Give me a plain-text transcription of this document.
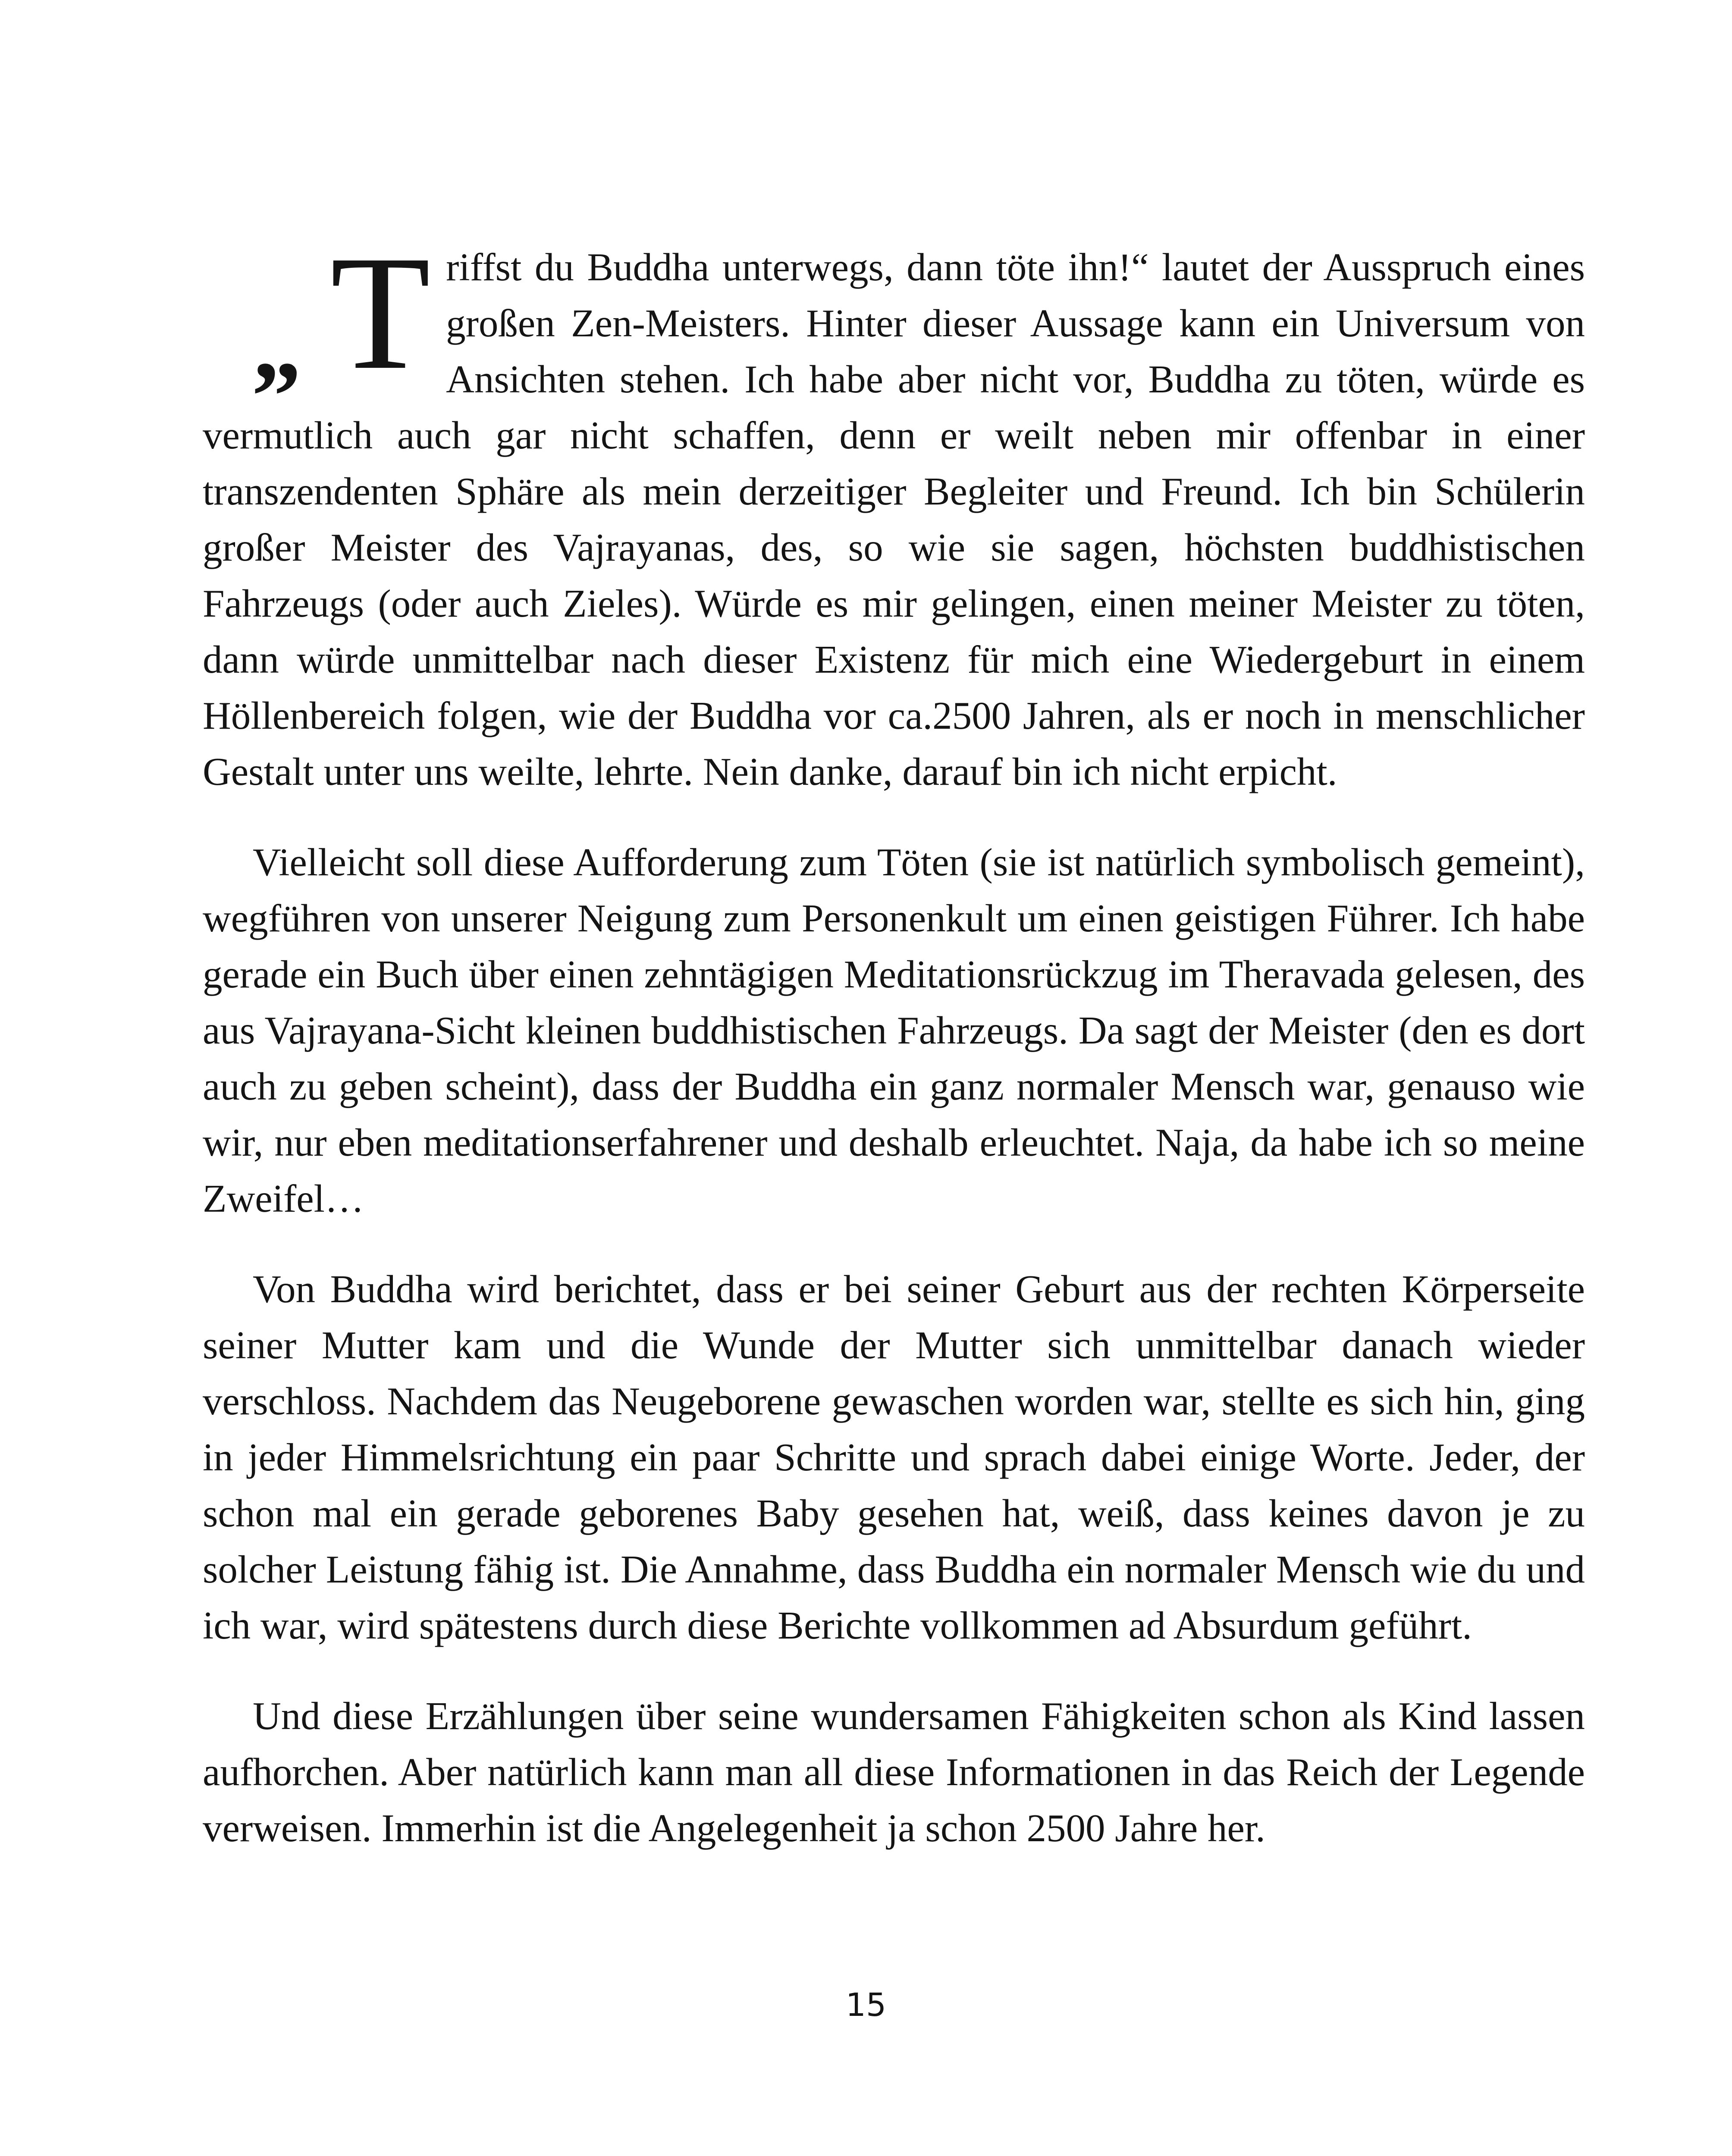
„ T riffst du Buddha unterwegs, dann töte ihn!“ lautet der Ausspruch eines großen Zen-Meisters. Hinter dieser Aussage kann ein Universum von Ansichten stehen. Ich habe aber nicht vor, Buddha zu töten, würde es vermutlich auch gar nicht schaffen, denn er weilt neben mir offenbar in einer transzendenten Sphäre als mein derzeitiger Begleiter und Freund. Ich bin Schülerin großer Meister des Vajrayanas, des, so wie sie sagen, höchsten buddhistischen Fahrzeugs (oder auch Zieles). Würde es mir gelingen, einen meiner Meister zu töten, dann würde unmittelbar nach dieser Existenz für mich eine Wiedergeburt in einem Höllenbereich folgen, wie der Buddha vor ca.2500 Jahren, als er noch in menschlicher Gestalt unter uns weilte, lehrte. Nein danke, darauf bin ich nicht erpicht.

Vielleicht soll diese Aufforderung zum Töten (sie ist natürlich symbolisch gemeint), wegführen von unserer Neigung zum Personenkult um einen geistigen Führer. Ich habe gerade ein Buch über einen zehntägigen Meditationsrückzug im Theravada gelesen, des aus Vajrayana-Sicht kleinen buddhistischen Fahrzeugs. Da sagt der Meister (den es dort auch zu geben scheint), dass der Buddha ein ganz normaler Mensch war, genauso wie wir, nur eben meditationserfahrener und deshalb erleuchtet. Naja, da habe ich so meine Zweifel…

Von Buddha wird berichtet, dass er bei seiner Geburt aus der rechten Körperseite seiner Mutter kam und die Wunde der Mutter sich unmittelbar danach wieder verschloss. Nachdem das Neugeborene gewaschen worden war, stellte es sich hin, ging in jeder Himmelsrichtung ein paar Schritte und sprach dabei einige Worte. Jeder, der schon mal ein gerade geborenes Baby gesehen hat, weiß, dass keines davon je zu solcher Leistung fähig ist. Die Annahme, dass Buddha ein normaler Mensch wie du und ich war, wird spätestens durch diese Berichte vollkommen ad Absurdum geführt.

Und diese Erzählungen über seine wundersamen Fähigkeiten schon als Kind lassen aufhorchen. Aber natürlich kann man all diese Informationen in das Reich der Legende verweisen. Immerhin ist die Angelegenheit ja schon 2500 Jahre her.

15
